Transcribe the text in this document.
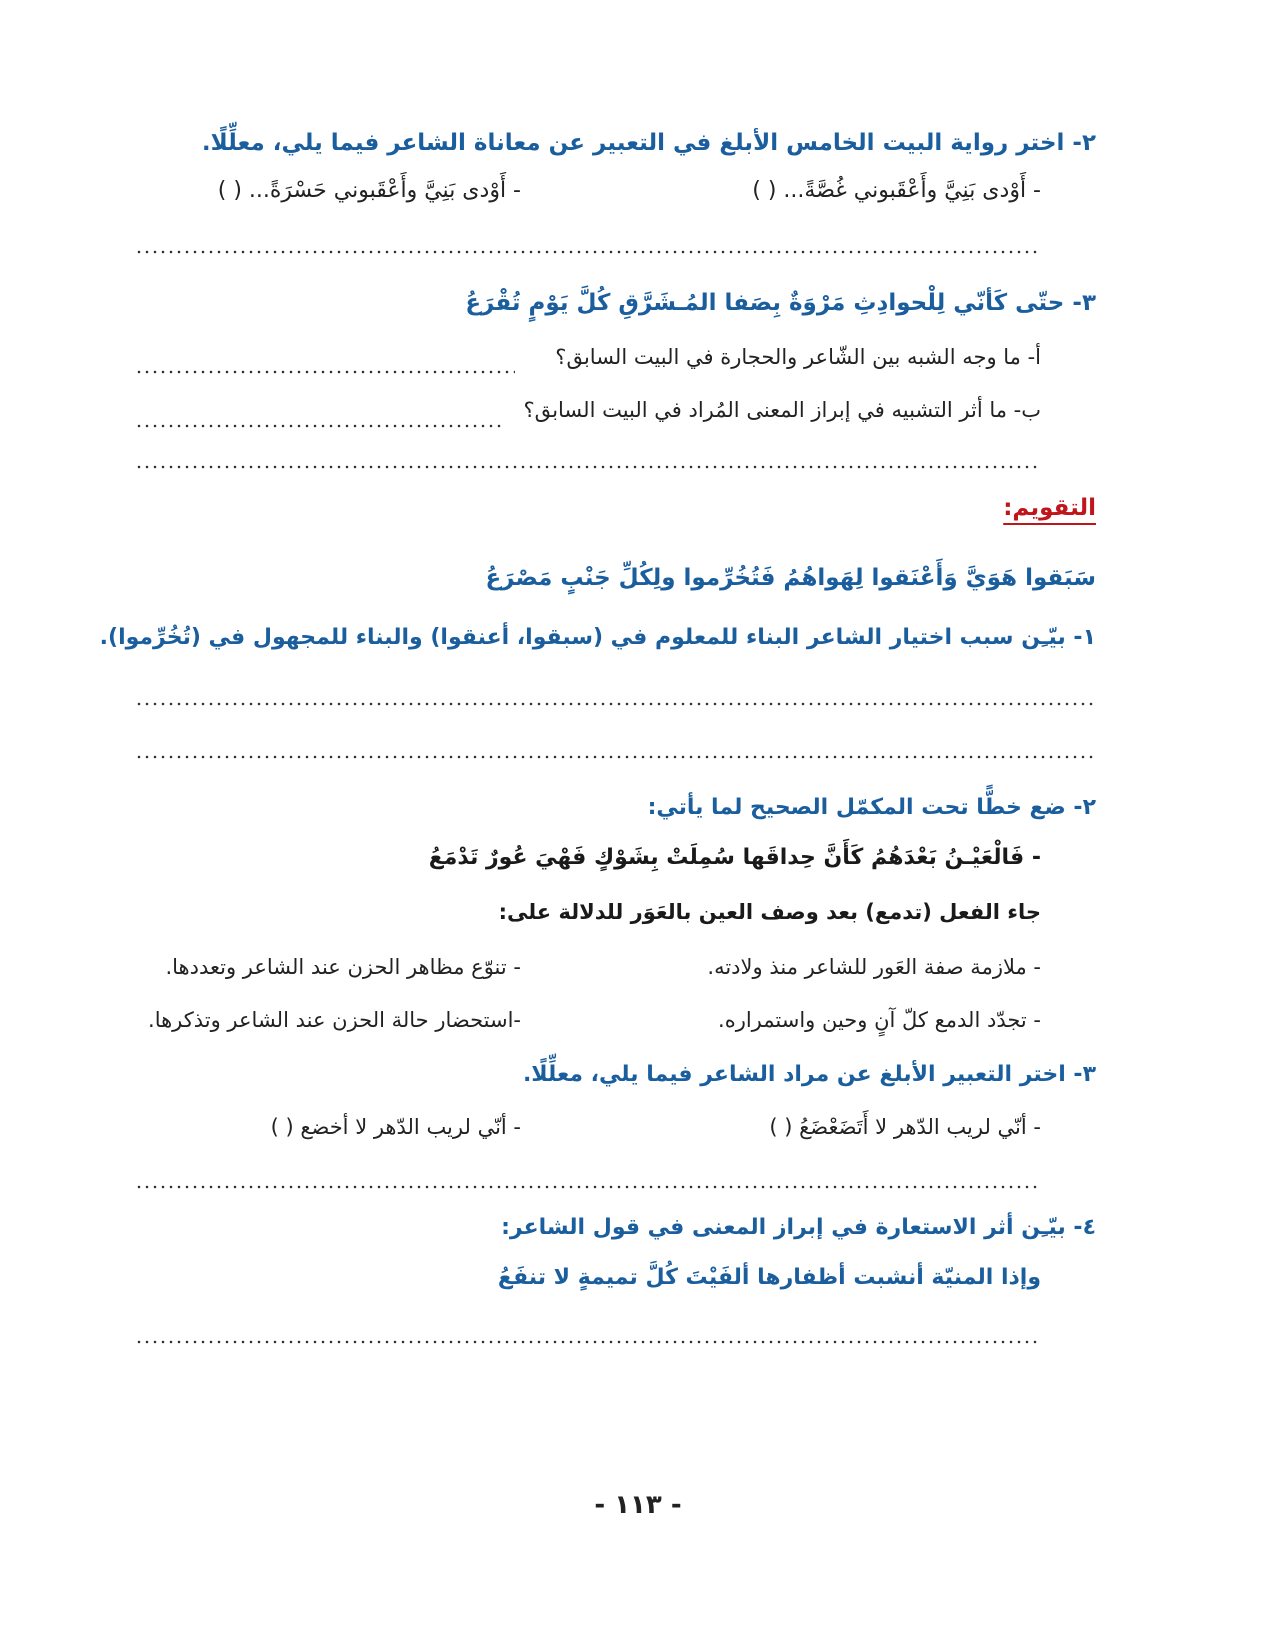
٢- اختر رواية البيت الخامس الأبلغ في التعبير عن معاناة الشاعر فيما يلي، معلِّلًا.
- أَوْدى بَنِيَّ وأَعْقَبوني غُصَّةً... ( )
- أَوْدى بَنِيَّ وأَعْقَبوني حَسْرَةً... ( )
٣- حتّى كَأنّي لِلْحوادِثِ مَرْوَةٌ بِصَفا المُـشَرَّقِ كُلَّ يَوْمٍ تُقْرَعُ
أ- ما وجه الشبه بين الشّاعر والحجارة في البيت السابق؟
ب- ما أثر التشبيه في إبراز المعنى المُراد في البيت السابق؟
التقويم:
سَبَقوا هَوَيَّ وَأَعْنَقوا لِهَواهُمُ فَتُخُرِّموا ولِكُلِّ جَنْبٍ مَصْرَعُ
١- بيّـِن سبب اختيار الشاعر البناء للمعلوم في (سبقوا، أعنقوا) والبناء للمجهول في (تُخُرِّموا).
٢- ضع خطًّا تحت المكمّل الصحيح لما يأتي:
- فَالْعَيْـنُ بَعْدَهُمُ كَأَنَّ حِداقَها سُمِلَتْ بِشَوْكٍ فَهْيَ عُورٌ تَدْمَعُ
جاء الفعل (تدمع) بعد وصف العين بالعَوَر للدلالة على:
- ملازمة صفة العَور للشاعر منذ ولادته.
- تنوّع مظاهر الحزن عند الشاعر وتعددها.
- تجدّد الدمع كلّ آنٍ وحين واستمراره.
-استحضار حالة الحزن عند الشاعر وتذكرها.
٣- اختر التعبير الأبلغ عن مراد الشاعر فيما يلي، معلِّلًا.
- أنّي لريب الدّهر لا أَتَضَعْضَعُ ( )
- أنّي لريب الدّهر لا أخضع ( )
٤- بيّـِن أثر الاستعارة في إبراز المعنى في قول الشاعر:
وإذا المنيّة أنشبت أظفارها ألفَيْتَ كُلَّ تميمةٍ لا تنفَعُ
- ١١٣ -
